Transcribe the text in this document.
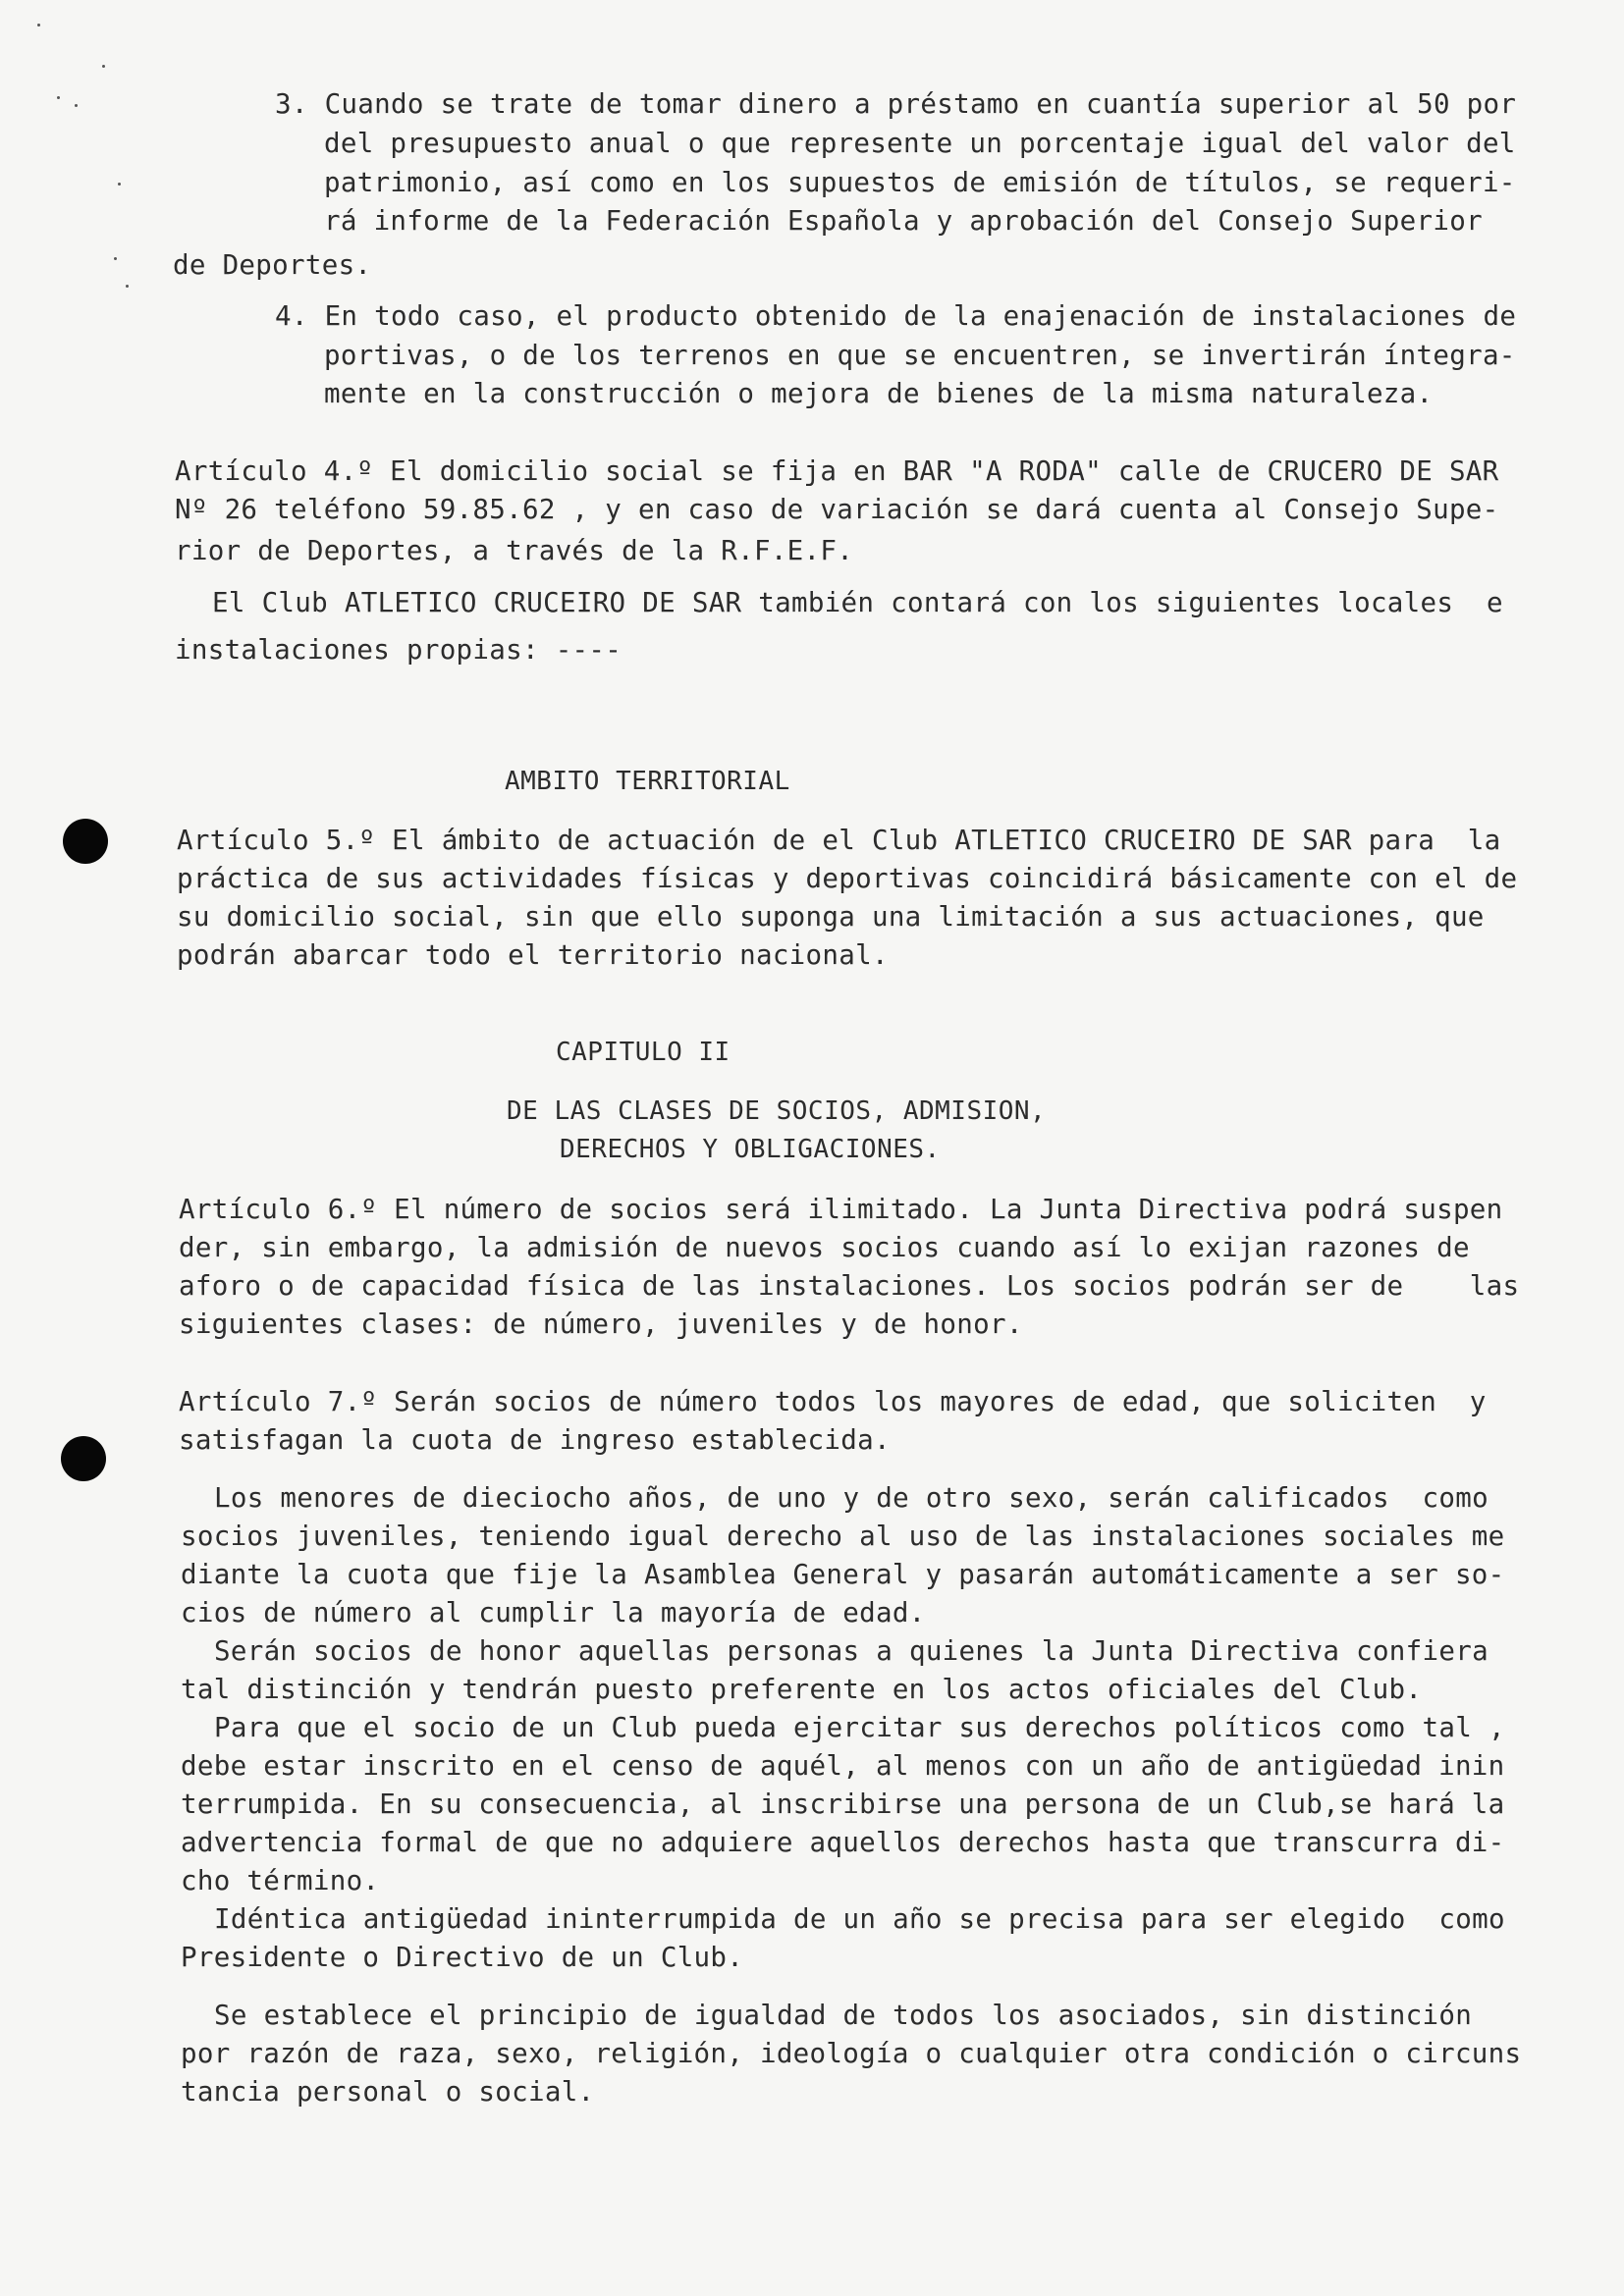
3. Cuando se trate de tomar dinero a préstamo en cuantía superior al 50 por
del presupuesto anual o que represente un porcentaje igual del valor del
patrimonio, así como en los supuestos de emisión de títulos, se requeri-
rá informe de la Federación Española y aprobación del Consejo Superior
de Deportes.
4. En todo caso, el producto obtenido de la enajenación de instalaciones de
portivas, o de los terrenos en que se encuentren, se invertirán íntegra-
mente en la construcción o mejora de bienes de la misma naturaleza.
Artículo 4.º El domicilio social se fija en BAR "A RODA" calle de CRUCERO DE SAR
Nº 26 teléfono 59.85.62 , y en caso de variación se dará cuenta al Consejo Supe-
rior de Deportes, a través de la R.F.E.F.
El Club ATLETICO CRUCEIRO DE SAR también contará con los siguientes locales  e
instalaciones propias: ----
AMBITO TERRITORIAL
Artículo 5.º El ámbito de actuación de el Club ATLETICO CRUCEIRO DE SAR para  la
práctica de sus actividades físicas y deportivas coincidirá básicamente con el de
su domicilio social, sin que ello suponga una limitación a sus actuaciones, que
podrán abarcar todo el territorio nacional.
CAPITULO II
DE LAS CLASES DE SOCIOS, ADMISION,
DERECHOS Y OBLIGACIONES.
Artículo 6.º El número de socios será ilimitado. La Junta Directiva podrá suspen
der, sin embargo, la admisión de nuevos socios cuando así lo exijan razones de
aforo o de capacidad física de las instalaciones. Los socios podrán ser de    las
siguientes clases: de número, juveniles y de honor.
Artículo 7.º Serán socios de número todos los mayores de edad, que soliciten  y
satisfagan la cuota de ingreso establecida.
Los menores de dieciocho años, de uno y de otro sexo, serán calificados  como
socios juveniles, teniendo igual derecho al uso de las instalaciones sociales me
diante la cuota que fije la Asamblea General y pasarán automáticamente a ser so-
cios de número al cumplir la mayoría de edad.
Serán socios de honor aquellas personas a quienes la Junta Directiva confiera
tal distinción y tendrán puesto preferente en los actos oficiales del Club.
Para que el socio de un Club pueda ejercitar sus derechos políticos como tal ,
debe estar inscrito en el censo de aquél, al menos con un año de antigüedad inin
terrumpida. En su consecuencia, al inscribirse una persona de un Club,se hará la
advertencia formal de que no adquiere aquellos derechos hasta que transcurra di-
cho término.
Idéntica antigüedad ininterrumpida de un año se precisa para ser elegido  como
Presidente o Directivo de un Club.
Se establece el principio de igualdad de todos los asociados, sin distinción
por razón de raza, sexo, religión, ideología o cualquier otra condición o circuns
tancia personal o social.
